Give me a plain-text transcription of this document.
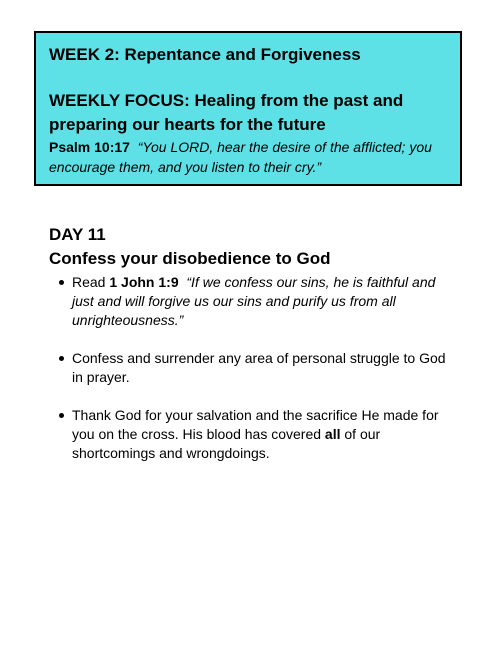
WEEK 2: Repentance and Forgiveness

WEEKLY FOCUS: Healing from the past and preparing our hearts for the future

Psalm 10:17 “You LORD, hear the desire of the afflicted; you encourage them, and you listen to their cry.”

DAY 11

Confess your disobedience to God

Read 1 John 1:9 “If we confess our sins, he is faithful and just and will forgive us our sins and purify us from all unrighteousness.”
Confess and surrender any area of personal struggle to God in prayer.
Thank God for your salvation and the sacrifice He made for you on the cross. His blood has covered all of our shortcomings and wrongdoings.
